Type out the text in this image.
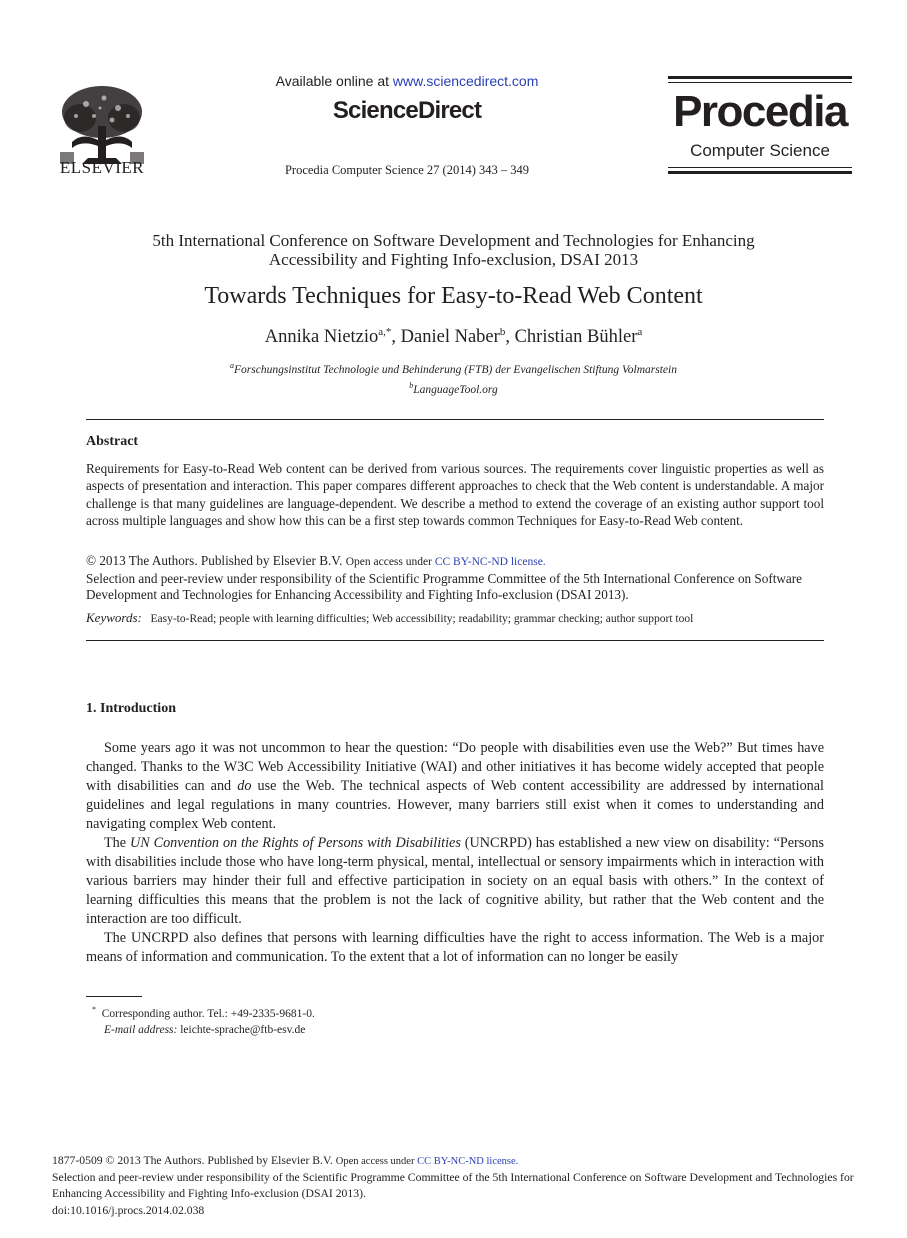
ELSEVIER
Available online at www.sciencedirect.com
ScienceDirect
Procedia Computer Science 27 (2014) 343 – 349
Procedia
Computer Science
5th International Conference on Software Development and Technologies for Enhancing
Accessibility and Fighting Info-exclusion, DSAI 2013
Towards Techniques for Easy-to-Read Web Content
Annika Nietzio$^{a,*}$, Daniel Naber$^b$, Christian Bühler$^a$
$^a$Forschungsinstitut Technologie und Behinderung (FTB) der Evangelischen Stiftung Volmarstein
$^b$LanguageTool.org
Abstract
Requirements for Easy-to-Read Web content can be derived from various sources. The requirements cover linguistic properties as well as aspects of presentation and interaction. This paper compares different approaches to check that the Web content is understandable. A major challenge is that many guidelines are language-dependent. We describe a method to extend the coverage of an existing author support tool across multiple languages and show how this can be a first step towards common Techniques for Easy-to-Read Web content.
© 2013 The Authors. Published by Elsevier B.V. Open access under CC BY-NC-ND license.
Selection and peer-review under responsibility of the Scientific Programme Committee of the 5th International Conference on Software Development and Technologies for Enhancing Accessibility and Fighting Info-exclusion (DSAI 2013).
Keywords: Easy-to-Read; people with learning difficulties; Web accessibility; readability; grammar checking; author support tool
1. Introduction

Some years ago it was not uncommon to hear the question: “Do people with disabilities even use the Web?” But times have changed. Thanks to the W3C Web Accessibility Initiative (WAI) and other initiatives it has become widely accepted that people with disabilities can and do use the Web. The technical aspects of Web content accessibility are addressed by international guidelines and legal regulations in many countries. However, many barriers still exist when it comes to understanding and navigating complex Web content.

The UN Convention on the Rights of Persons with Disabilities (UNCRPD) has established a new view on disability: “Persons with disabilities include those who have long-term physical, mental, intellectual or sensory impairments which in interaction with various barriers may hinder their full and effective participation in society on an equal basis with others.” In the context of learning difficulties this means that the problem is not the lack of cognitive ability, but rather that the Web content and the interaction are too difficult.

The UNCRPD also defines that persons with learning difficulties have the right to access information. The Web is a major means of information and communication. To the extent that a lot of information can no longer be easily

* Corresponding author. Tel.: +49-2335-9681-0.
E-mail address: leichte-sprache@ftb-esv.de
1877-0509 © 2013 The Authors. Published by Elsevier B.V. Open access under CC BY-NC-ND license.
Selection and peer-review under responsibility of the Scientific Programme Committee of the 5th International Conference on Software Development and Technologies for Enhancing Accessibility and Fighting Info-exclusion (DSAI 2013).
doi:10.1016/j.procs.2014.02.038
